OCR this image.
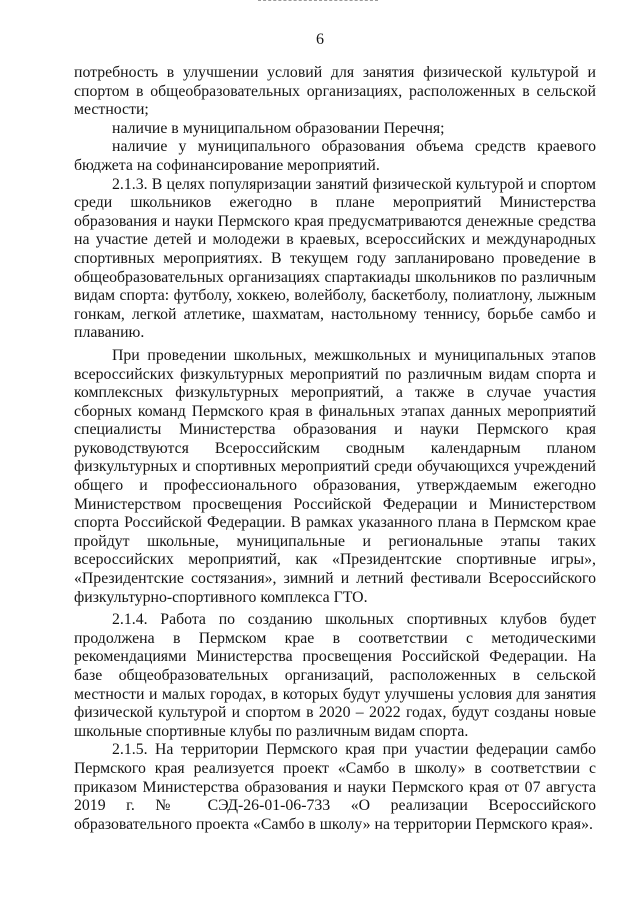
6

потребность в улучшении условий для занятия физической культурой и спортом в общеобразовательных организациях, расположенных в сельской местности;

наличие в муниципальном образовании Перечня;

наличие у муниципального образования объема средств краевого бюджета на софинансирование мероприятий.

2.1.3. В целях популяризации занятий физической культурой и спортом среди школьников ежегодно в плане мероприятий Министерства образования и науки Пермского края предусматриваются денежные средства на участие детей и молодежи в краевых, всероссийских и международных спортивных мероприятиях. В текущем году запланировано проведение в общеобразовательных организациях спартакиады школьников по различным видам спорта: футболу, хоккею, волейболу, баскетболу, полиатлону, лыжным гонкам, легкой атлетике, шахматам, настольному теннису, борьбе самбо и плаванию.

При проведении школьных, межшкольных и муниципальных этапов всероссийских физкультурных мероприятий по различным видам спорта и комплексных физкультурных мероприятий, а также в случае участия сборных команд Пермского края в финальных этапах данных мероприятий специалисты Министерства образования и науки Пермского края руководствуются Всероссийским сводным календарным планом физкультурных и спортивных мероприятий среди обучающихся учреждений общего и профессионального образования, утверждаемым ежегодно Министерством просвещения Российской Федерации и Министерством спорта Российской Федерации. В рамках указанного плана в Пермском крае пройдут школьные, муниципальные и региональные этапы таких всероссийских мероприятий, как «Президентские спортивные игры», «Президентские состязания», зимний и летний фестивали Всероссийского физкультурно-спортивного комплекса ГТО.

2.1.4. Работа по созданию школьных спортивных клубов будет продолжена в Пермском крае в соответствии с методическими рекомендациями Министерства просвещения Российской Федерации. На базе общеобразовательных организаций, расположенных в сельской местности и малых городах, в которых будут улучшены условия для занятия физической культурой и спортом в 2020 – 2022 годах, будут созданы новые школьные спортивные клубы по различным видам спорта.

2.1.5. На территории Пермского края при участии федерации самбо Пермского края реализуется проект «Самбо в школу» в соответствии с приказом Министерства образования и науки Пермского края от 07 августа 2019 г. № СЭД-26-01-06-733 «О реализации Всероссийского образовательного проекта «Самбо в школу» на территории Пермского края».
